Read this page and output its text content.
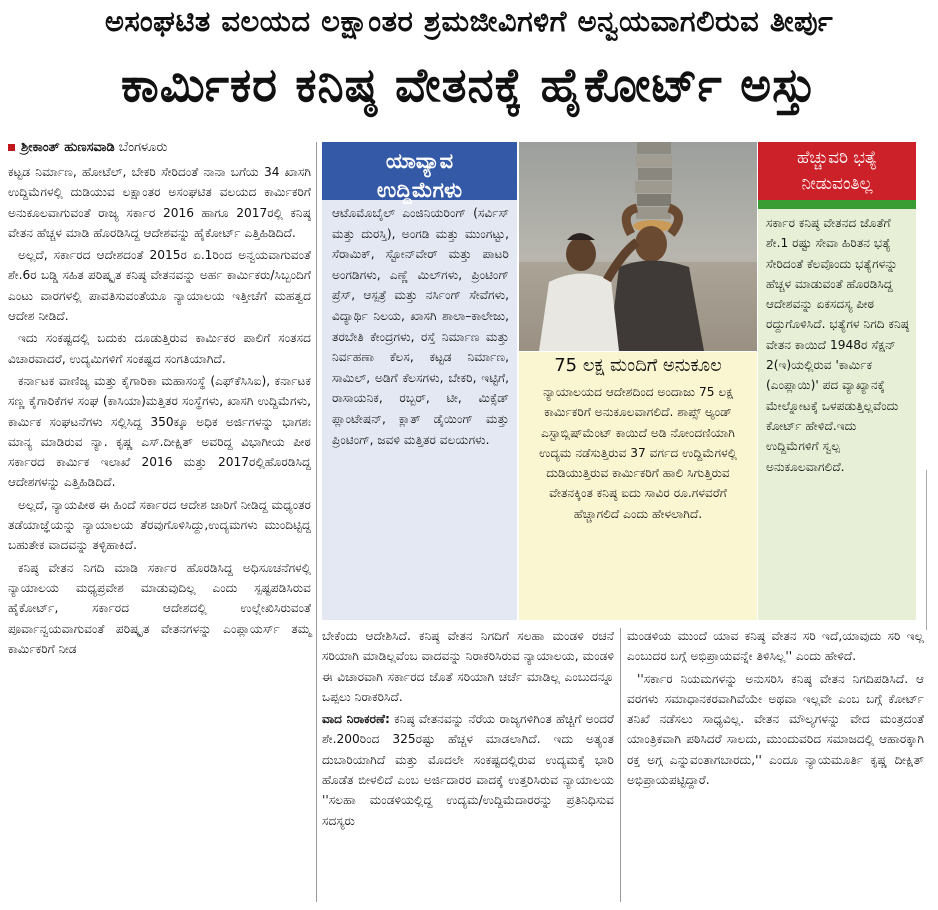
ಅಸಂಘಟಿತ ವಲಯದ ಲಕ್ಷಾಂತರ ಶ್ರಮಜೀವಿಗಳಿಗೆ ಅನ್ವಯವಾಗಲಿರುವ ತೀರ್ಪು
ಕಾರ್ಮಿಕರ ಕನಿಷ್ಠ ವೇತನಕ್ಕೆ ಹೈಕೋರ್ಟ್‌ ಅಸ್ತು
ಶ್ರೀಕಾಂತ್‌ ಹುಣಸವಾಡಿ ಬೆಂಗಳೂರು

ಕಟ್ಟಡ ನಿರ್ಮಾಣ, ಹೋಟೆಲ್‌, ಬೇಕರಿ ಸೇರಿದಂತೆ ನಾನಾ ಬಗೆಯ 34 ಖಾಸಗಿ ಉದ್ದಿಮೆಗಳಲ್ಲಿ ದುಡಿಯುವ ಲಕ್ಷಾಂತರ ಅಸಂಘಟಿತ ವಲಯದ ಕಾರ್ಮಿಕರಿಗೆ ಅನುಕೂಲವಾಗುವಂತೆ ರಾಜ್ಯ ಸರ್ಕಾರ 2016 ಹಾಗೂ 2017ರಲ್ಲಿ ಕನಿಷ್ಠ ವೇತನ ಹೆಚ್ಚಳ ಮಾಡಿ ಹೊರಡಿಸಿದ್ದ ಆದೇಶವನ್ನು ಹೈಕೋರ್ಟ್‌ ಎತ್ತಿಹಿಡಿದಿದೆ.

ಅಲ್ಲದೆ, ಸರ್ಕಾರದ ಆದೇಶದಂತೆ 2015ರ ಏ.1ರಿಂದ ಅನ್ವಯವಾಗುವಂತೆ ಶೇ.6ರ ಬಡ್ಡಿ ಸಹಿತ ಪರಿಷ್ಕೃತ ಕನಿಷ್ಠ ವೇತನವನ್ನು ಅರ್ಹ ಕಾರ್ಮಿಕರು/ಸಿಬ್ಬಂದಿಗೆ ಎಂಟು ವಾರಗಳಲ್ಲಿ ಪಾವತಿಸುವಂತೆಯೂ ನ್ಯಾಯಾಲಯ ಇತ್ತೀಚೆಗೆ ಮಹತ್ವದ ಆದೇಶ ನೀಡಿದೆ.

ಇದು ಸಂಕಷ್ಟದಲ್ಲಿ ಬದುಕು ದೂಡುತ್ತಿರುವ ಕಾರ್ಮಿಕರ ಪಾಲಿಗೆ ಸಂತಸದ ವಿಚಾರವಾದರೆ, ಉದ್ಯಮಿಗಳಿಗೆ ಸಂಕಷ್ಟದ ಸಂಗತಿಯಾಗಿದೆ.

ಕರ್ನಾಟಕ ವಾಣಿಜ್ಯ ಮತ್ತು ಕೈಗಾರಿಕಾ ಮಹಾಸಂಸ್ಥೆ (ಎಫ್‌ಕೆಸಿಸಿಐ), ಕರ್ನಾಟಕ ಸಣ್ಣ ಕೈಗಾರಿಕೆಗಳ ಸಂಘ (ಕಾಸಿಯಾ)ಮತ್ತಿತರ ಸಂಸ್ಥೆಗಳು, ಖಾಸಗಿ ಉದ್ದಿಮೆಗಳು, ಕಾರ್ಮಿಕ ಸಂಘಟನೆಗಳು ಸಲ್ಲಿಸಿದ್ದ 350ಕ್ಕೂ ಅಧಿಕ ಅರ್ಜಿಗಳನ್ನು ಭಾಗಶಃ ಮಾನ್ಯ ಮಾಡಿರುವ ನ್ಯಾ. ಕೃಷ್ಣ ಎಸ್‌.ದೀಕ್ಷಿತ್‌ ಅವರಿದ್ದ ವಿಭಾಗೀಯ ಪೀಠ ಸರ್ಕಾರದ ಕಾರ್ಮಿಕ ಇಲಾಖೆ 2016 ಮತ್ತು 2017ರಲ್ಲಿಹೊರಡಿಸಿದ್ದ ಆದೇಶಗಳನ್ನು ಎತ್ತಿಹಿಡಿದಿದೆ.

ಅಲ್ಲದೆ, ನ್ಯಾಯಪೀಠ ಈ ಹಿಂದೆ ಸರ್ಕಾರದ ಆದೇಶ ಜಾರಿಗೆ ನೀಡಿದ್ದ ಮಧ್ಯಂತರ ತಡೆಯಾಜ್ಞೆಯನ್ನು ನ್ಯಾಯಾಲಯ ತೆರವುಗೊಳಿಸಿದ್ದು,ಉದ್ಯಮಗಳು ಮುಂದಿಟ್ಟಿದ್ದ ಬಹುತೇಕ ವಾದವನ್ನು ತಳ್ಳಿಹಾಕಿದೆ.

ಕನಿಷ್ಠ ವೇತನ ನಿಗದಿ ಮಾಡಿ ಸರ್ಕಾರ ಹೊರಡಿಸಿದ್ದ ಅಧಿಸೂಚನೆಗಳಲ್ಲಿ ನ್ಯಾಯಾಲಯ ಮಧ್ಯಪ್ರವೇಶ ಮಾಡುವುದಿಲ್ಲ ಎಂದು ಸ್ಪಷ್ಟಪಡಿಸಿರುವ ಹೈಕೋರ್ಟ್‌, ಸರ್ಕಾರದ ಆದೇಶದಲ್ಲಿ ಉಲ್ಲೇಖಿಸಿರುವಂತೆ ಪೂರ್ವಾನ್ವಯವಾಗುವಂತೆ ಪರಿಷ್ಕೃತ ವೇತನಗಳನ್ನು ಎಂಪ್ಲಾಯರ್ಸ್‌ ತಮ್ಮ ಕಾರ್ಮಿಕರಿಗೆ ನೀಡ

ಯಾವ್ಯಾವ
ಉದ್ದಿಮೆಗಳು
ಆಟೊಮೊಬೈಲ್‌ ಎಂಜಿನಿಯರಿಂಗ್‌ (ಸರ್ವಿಸ್‌ ಮತ್ತು ದುರಸ್ತಿ), ಅಂಗಡಿ ಮತ್ತು ಮುಂಗಟ್ಟು, ಸೆರಾಮಿಕ್‌, ಸ್ಟೋನ್‌ವೇರ್‌ ಮತ್ತು ಪಾಟರಿ ಅಂಗಡಿಗಳು, ಎಣ್ಣೆ ಮಿಲ್‌ಗಳು, ಪ್ರಿಂಟಿಂಗ್‌ ಪ್ರೆಸ್‌, ಆಸ್ಪತ್ರೆ ಮತ್ತು ನರ್ಸಿಂಗ್‌ ಸೇವೆಗಳು, ವಿದ್ಯಾರ್ಥಿ ನಿಲಯ, ಖಾಸಗಿ ಶಾಲಾ–ಕಾಲೇಜು, ತರಬೇತಿ ಕೇಂದ್ರಗಳು, ರಸ್ತೆ ನಿರ್ಮಾಣ ಮತ್ತು ನಿರ್ವಹಣಾ ಕೆಲಸ, ಕಟ್ಟಡ ನಿರ್ಮಾಣ, ಸಾಮಿಲ್‌, ಅಡಿಗೆ ಕೆಲಸಗಳು, ಬೇಕರಿ, ಇಟ್ಟಿಗೆ, ರಾಸಾಯನಿಕ, ರಬ್ಬರ್‌, ಟೀ, ಮಿಕ್ಸೆಡ್‌ ಪ್ಲಾಂಟೇಷನ್‌, ಕ್ಲಾತ್‌ ಡೈಯಿಂಗ್‌ ಮತ್ತು ಪ್ರಿಂಟಿಂಗ್‌, ಜವಳಿ ಮತ್ತಿತರ ವಲಯಗಳು.
75 ಲಕ್ಷ ಮಂದಿಗೆ ಅನುಕೂಲ
ನ್ಯಾಯಾಲಯದ ಆದೇಶದಿಂದ ಅಂದಾಜು 75 ಲಕ್ಷ ಕಾರ್ಮಿಕರಿಗೆ ಅನುಕೂಲವಾಗಲಿದೆ. ಶಾಪ್ಸ್‌ ಅ್ಯಂಡ್‌ ಎಸ್ಟಾಬ್ಲಿಷ್‌ಮೆಂಟ್‌ ಕಾಯಿದೆ ಅಡಿ ನೋಂದಣಿಯಾಗಿ ಉದ್ಯಮ ನಡೆಸುತ್ತಿರುವ 37 ವರ್ಗದ ಉದ್ದಿಮೆಗಳಲ್ಲಿ ದುಡಿಯುತ್ತಿರುವ ಕಾರ್ಮಿಕರಿಗೆ ಹಾಲಿ ಸಿಗುತ್ತಿರುವ ವೇತನಕ್ಕಿಂತ ಕನಿಷ್ಠ ಐದು ಸಾವಿರ ರೂ.ಗಳವರೆಗೆ ಹೆಚ್ಚಾಗಲಿದೆ ಎಂದು ಹೇಳಲಾಗಿದೆ.
ಹೆಚ್ಚುವರಿ ಭತ್ಯೆ
ನೀಡುವಂತಿಲ್ಲ
ಸರ್ಕಾರ ಕನಿಷ್ಠ ವೇತನದ ಜೊತೆಗೆ ಶೇ.1 ರಷ್ಟು ಸೇವಾ ಹಿರಿತನ ಭತ್ಯೆ ಸೇರಿದಂತೆ ಕೆಲವೊಂದು ಭತ್ಯೆಗಳನ್ನು ಹೆಚ್ಚಳ ಮಾಡುವಂತೆ ಹೊರಡಿಸಿದ್ದ ಆದೇಶವನ್ನು ಏಕಸದಸ್ಯ ಪೀಠ ರದ್ದುಗೊಳಿಸಿದೆ. ಭತ್ಯೆಗಳ ನಿಗದಿ ಕನಿಷ್ಠ ವೇತನ ಕಾಯಿದೆ 1948ರ ಸೆಕ್ಷನ್‌ 2(ಇ)ಯಲ್ಲಿರುವ 'ಕಾರ್ಮಿಕ (ಎಂಪ್ಲಾಯಿ)' ಪದ ವ್ಯಾಖ್ಯಾನಕ್ಕೆ ಮೇಲ್ನೋಟಕ್ಕೆ ಒಳಪಡುತ್ತಿಲ್ಲವೆಂದು ಕೋರ್ಟ್‌ ಹೇಳಿದೆ.ಇದು ಉದ್ದಿಮೆಗಳಿಗೆ ಸ್ವಲ್ಪ ಅನುಕೂಲವಾಗಲಿದೆ.

ಬೇಕೆಂದು ಆದೇಶಿಸಿದೆ. ಕನಿಷ್ಠ ವೇತನ ನಿಗದಿಗೆ ಸಲಹಾ ಮಂಡಳಿ ರಚನೆ ಸರಿಯಾಗಿ ಮಾಡಿಲ್ಲವೆಂಬ ವಾದವನ್ನು ನಿರಾಕರಿಸಿರುವ ನ್ಯಾಯಾಲಯ, ಮಂಡಳಿ ಈ ವಿಚಾರವಾಗಿ ಸರ್ಕಾರದ ಜೊತೆ ಸರಿಯಾಗಿ ಚರ್ಚೆ ಮಾಡಿಲ್ಲ ಎಂಬುದನ್ನೂ ಒಪ್ಪಲು ನಿರಾಕರಿಸಿದೆ.

ವಾದ ನಿರಾಕರಣೆ: ಕನಿಷ್ಠ ವೇತನವನ್ನು ನೆರೆಯ ರಾಜ್ಯಗಳಿಗಿಂತ ಹೆಚ್ಚಿಗೆ ಅಂದರೆ ಶೇ.200ರಿಂದ 325ರಷ್ಟು ಹೆಚ್ಚಳ ಮಾಡಲಾಗಿದೆ. ಇದು ಅತ್ಯಂತ ದುಬಾರಿಯಾಗಿದೆ ಮತ್ತು ಮೊದಲೇ ಸಂಕಷ್ಟದಲ್ಲಿರುವ ಉದ್ಯಮಕ್ಕೆ ಭಾರಿ ಹೊಡೆತ ಬೀಳಲಿದೆ ಎಂಬ ಅರ್ಜಿದಾರರ ವಾದಕ್ಕೆ ಉತ್ತರಿಸಿರುವ ನ್ಯಾಯಾಲಯ ''ಸಲಹಾ ಮಂಡಳಿಯಲ್ಲಿದ್ದ ಉದ್ಯಮ/ಉದ್ದಿಮೆದಾರರನ್ನು ಪ್ರತಿನಿಧಿಸುವ ಸದಸ್ಯರು

ಮಂಡಳಿಯ ಮುಂದೆ ಯಾವ ಕನಿಷ್ಠ ವೇತನ ಸರಿ ಇದೆ,ಯಾವುದು ಸರಿ ಇಲ್ಲ ಎಂಬುದರ ಬಗ್ಗೆ ಅಭಿಪ್ರಾಯವನ್ನೇ ತಿಳಿಸಿಲ್ಲ'' ಎಂದು ಹೇಳಿದೆ.

''ಸರ್ಕಾರ ನಿಯಮಗಳನ್ನು ಅನುಸರಿಸಿ ಕನಿಷ್ಠ ವೇತನ ನಿಗದಿಪಡಿಸಿದೆ. ಆ ವರಗಳು ಸಮಾಧಾನಕರವಾಗಿವೆಯೇ ಅಥವಾ ಇಲ್ಲವೇ ಎಂಬ ಬಗ್ಗೆ ಕೋರ್ಟ್‌ ತನಿಖೆ ನಡೆಸಲು ಸಾಧ್ಯವಿಲ್ಲ. ವೇತನ ಮೌಲ್ಯಗಳನ್ನು ವೇದ ಮಂತ್ರದಂತೆ ಯಾಂತ್ರಿಕವಾಗಿ ಪಠಿಸಿದರೆ ಸಾಲದು, ಮುಂದುವರಿದ ಸಮಾಜದಲ್ಲಿ ಆಹಾರಕ್ಕಾಗಿ ರಕ್ತ ಅಗ್ಗ ಎನ್ನುವಂತಾಗಬಾರದು,'' ಎಂದೂ ನ್ಯಾಯಮೂರ್ತಿ ಕೃಷ್ಣ ದೀಕ್ಷಿತ್‌ ಅಭಿಪ್ರಾಯಪಟ್ಟಿದ್ದಾರೆ.
